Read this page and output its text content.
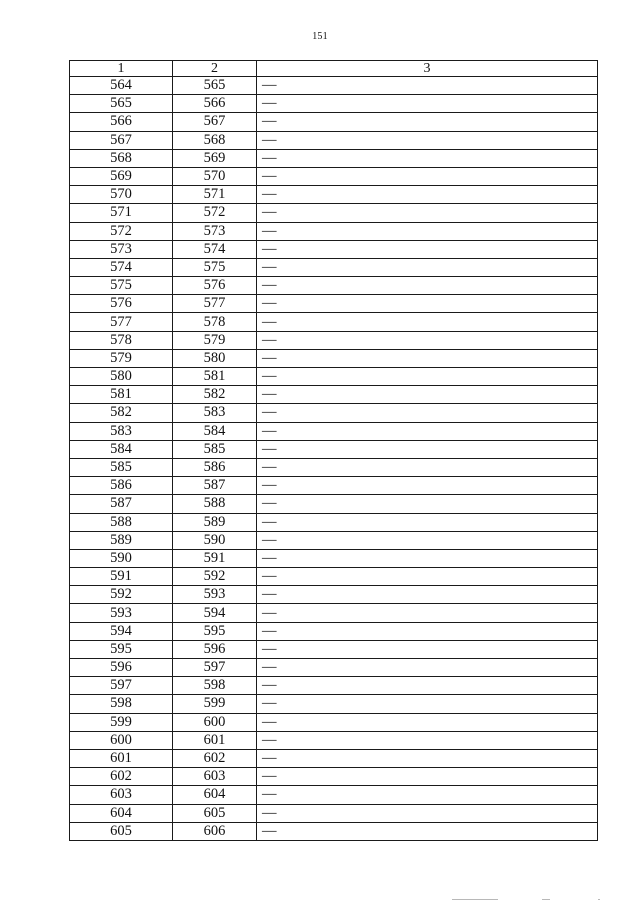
151
1	2	3
564	565	—
565	566	—
566	567	—
567	568	—
568	569	—
569	570	—
570	571	—
571	572	—
572	573	—
573	574	—
574	575	—
575	576	—
576	577	—
577	578	—
578	579	—
579	580	—
580	581	—
581	582	—
582	583	—
583	584	—
584	585	—
585	586	—
586	587	—
587	588	—
588	589	—
589	590	—
590	591	—
591	592	—
592	593	—
593	594	—
594	595	—
595	596	—
596	597	—
597	598	—
598	599	—
599	600	—
600	601	—
601	602	—
602	603	—
603	604	—
604	605	—
605	606	—
